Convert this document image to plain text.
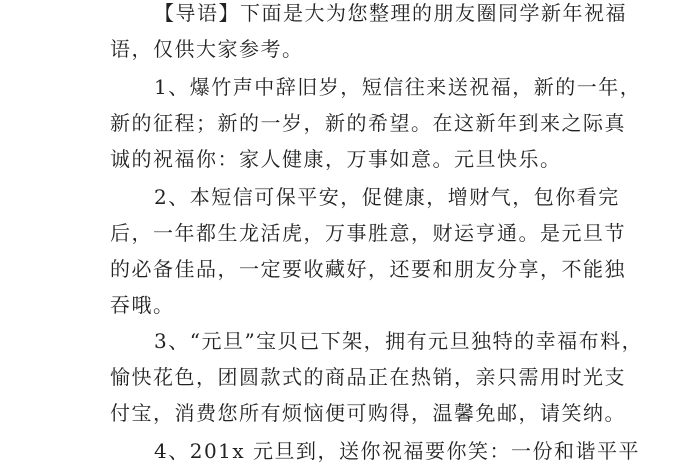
【导语】下面是大为您整理的朋友圈同学新年祝福
语，仅供大家参考。
1、爆竹声中辞旧岁，短信往来送祝福，新的一年，
新的征程；新的一岁，新的希望。在这新年到来之际真
诚的祝福你：家人健康，万事如意。元旦快乐。
2、本短信可保平安，促健康，增财气，包你看完
后，一年都生龙活虎，万事胜意，财运亨通。是元旦节
的必备佳品，一定要收藏好，还要和朋友分享，不能独
吞哦。
3、“元旦”宝贝已下架，拥有元旦独特的幸福布料，
愉快花色，团圆款式的商品正在热销，亲只需用时光支
付宝，消费您所有烦恼便可购得，温馨免邮，请笑纳。
4、201x 元旦到，送你祝福要你笑：一份和谐平平
